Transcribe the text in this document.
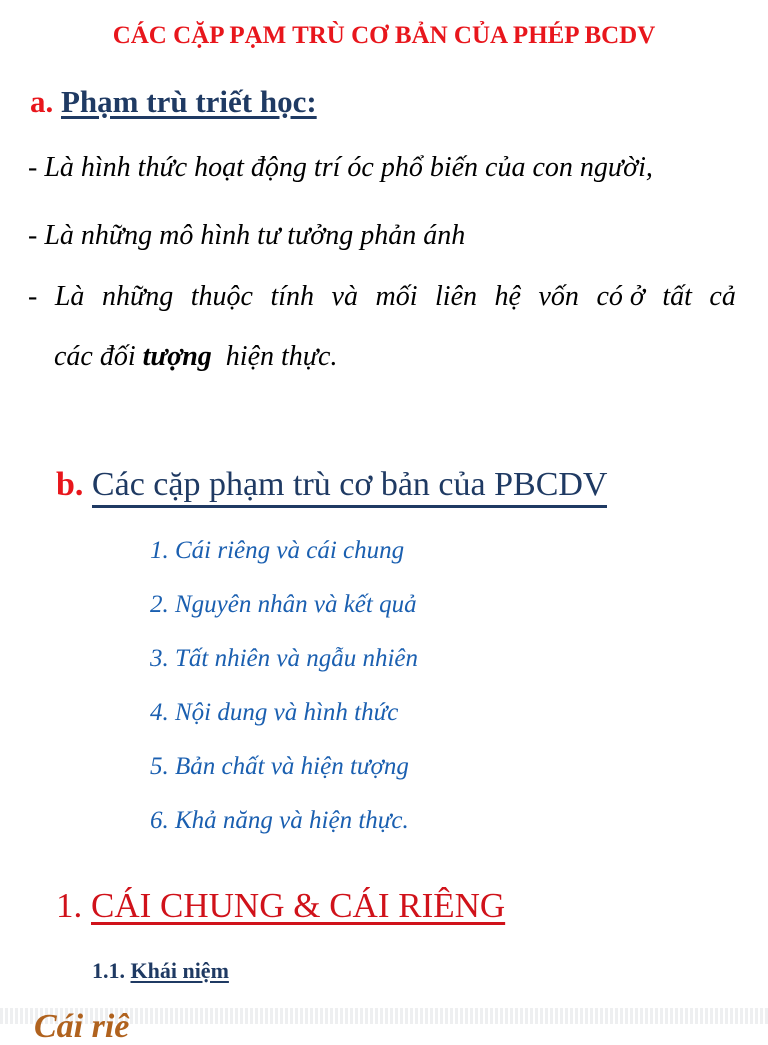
CÁC CẶP PẠM TRÙ CƠ BẢN CỦA PHÉP BCDV
a. Phạm trù triết học:
- Là hình thức hoạt động trí óc phổ biến của con người,
- Là những mô hình tư tưởng phản ánh
- Là những thuộc tính và mối liên hệ vốn có ở tất cả
các đối tượng  hiện thực.
b. Các cặp phạm trù cơ bản của PBCDV
1. Cái riêng và cái chung
2. Nguyên nhân và kết quả
3. Tất nhiên và ngẫu nhiên
4. Nội dung và hình thức
5. Bản chất và hiện tượng
6. Khả năng và hiện thực.
1. CÁI CHUNG & CÁI RIÊNG
1.1. Khái niệm
Cái riê
